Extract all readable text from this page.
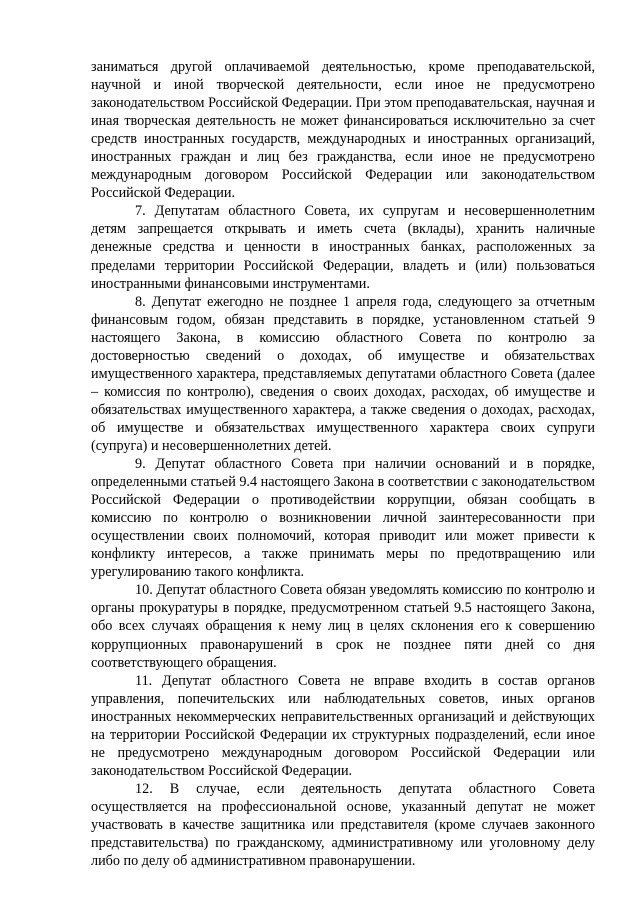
заниматься другой оплачиваемой деятельностью, кроме преподавательской, научной и иной творческой деятельности, если иное не предусмотрено законодательством Российской Федерации. При этом преподавательская, научная и иная творческая деятельность не может финансироваться исключительно за счет средств иностранных государств, международных и иностранных организаций, иностранных граждан и лиц без гражданства, если иное не предусмотрено международным договором Российской Федерации или законодательством Российской Федерации.

7. Депутатам областного Совета, их супругам и несовершеннолетним детям запрещается открывать и иметь счета (вклады), хранить наличные денежные средства и ценности в иностранных банках, расположенных за пределами территории Российской Федерации, владеть и (или) пользоваться иностранными финансовыми инструментами.

8. Депутат ежегодно не позднее 1 апреля года, следующего за отчетным финансовым годом, обязан представить в порядке, установленном статьей 9 настоящего Закона, в комиссию областного Совета по контролю за достоверностью сведений о доходах, об имуществе и обязательствах имущественного характера, представляемых депутатами областного Совета (далее – комиссия по контролю), сведения о своих доходах, расходах, об имуществе и обязательствах имущественного характера, а также сведения о доходах, расходах, об имуществе и обязательствах имущественного характера своих супруги (супруга) и несовершеннолетних детей.

9. Депутат областного Совета при наличии оснований и в порядке, определенными статьей 9.4 настоящего Закона в соответствии с законодательством Российской Федерации о противодействии коррупции, обязан сообщать в комиссию по контролю о возникновении личной заинтересованности при осуществлении своих полномочий, которая приводит или может привести к конфликту интересов, а также принимать меры по предотвращению или урегулированию такого конфликта.

10. Депутат областного Совета обязан уведомлять комиссию по контролю и органы прокуратуры в порядке, предусмотренном статьей 9.5 настоящего Закона, обо всех случаях обращения к нему лиц в целях склонения его к совершению коррупционных правонарушений в срок не позднее пяти дней со дня соответствующего обращения.

11. Депутат областного Совета не вправе входить в состав органов управления, попечительских или наблюдательных советов, иных органов иностранных некоммерческих неправительственных организаций и действующих на территории Российской Федерации их структурных подразделений, если иное не предусмотрено международным договором Российской Федерации или законодательством Российской Федерации.

12. В случае, если деятельность депутата областного Совета осуществляется на профессиональной основе, указанный депутат не может участвовать в качестве защитника или представителя (кроме случаев законного представительства) по гражданскому, административному или уголовному делу либо по делу об административном правонарушении.
